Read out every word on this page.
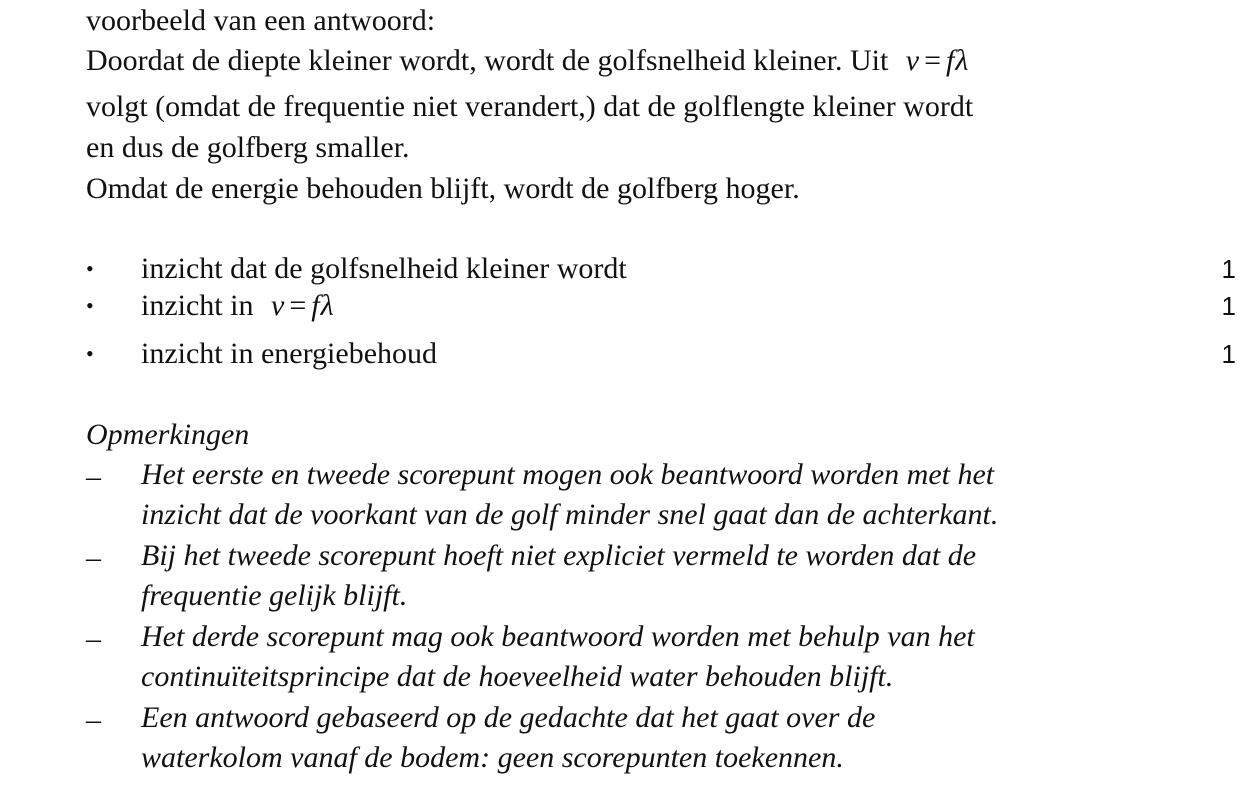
voorbeeld van een antwoord:
Doordat de diepte kleiner wordt, wordt de golfsnelheid kleiner. Uit v = fλ
volgt (omdat de frequentie niet verandert,) dat de golflengte kleiner wordt
en dus de golfberg smaller.
Omdat de energie behouden blijft, wordt de golfberg hoger.
• inzicht dat de golfsnelheid kleiner wordt	1
• inzicht in v = fλ	1
• inzicht in energiebehoud	1
Opmerkingen
– Het eerste en tweede scorepunt mogen ook beantwoord worden met het
inzicht dat de voorkant van de golf minder snel gaat dan de achterkant.
– Bij het tweede scorepunt hoeft niet expliciet vermeld te worden dat de
frequentie gelijk blijft.
– Het derde scorepunt mag ook beantwoord worden met behulp van het
continuïteitsprincipe dat de hoeveelheid water behouden blijft.
– Een antwoord gebaseerd op de gedachte dat het gaat over de
waterkolom vanaf de bodem: geen scorepunten toekennen.
